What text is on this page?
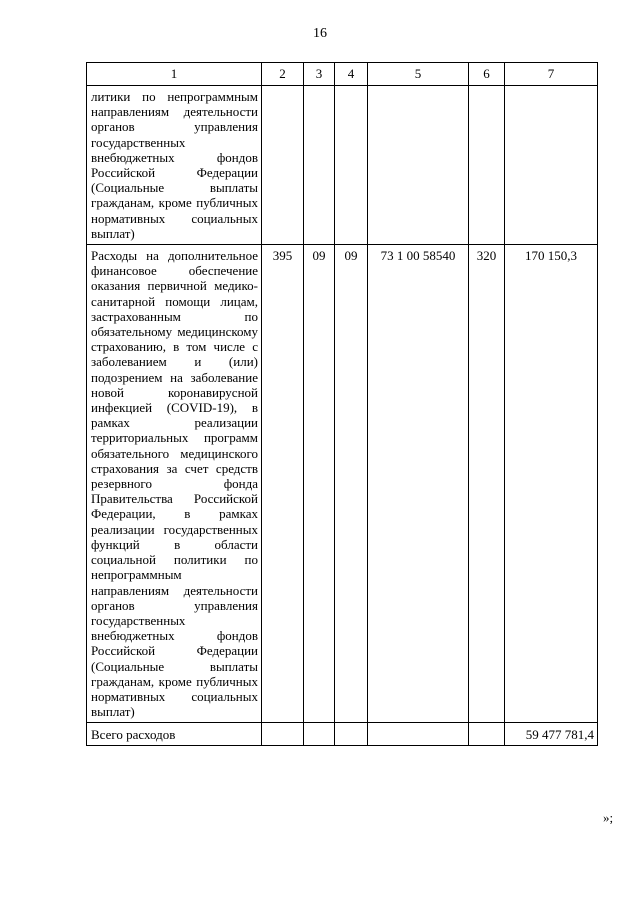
16
1	2	3	4	5	6	7
литики по непрограммным направлениям деятельности органов управления государственных внебюджетных фондов Российской Федерации (Социальные выплаты гражданам, кроме публичных нормативных социальных выплат)						
Расходы на дополнительное финансовое обеспечение оказания первичной медико-санитарной помощи лицам, застрахованным по обязательному медицинскому страхованию, в том числе с заболеванием и (или) подозрением на заболевание новой коронавирусной инфекцией (COVID-19), в рамках реализации территориальных программ обязательного медицинского страхования за счет средств резервного фонда Правительства Российской Федерации, в рамках реализации государственных функций в области социальной политики по непрограммным направлениям деятельности органов управления государственных внебюджетных фондов Российской Федерации (Социальные выплаты гражданам, кроме публичных нормативных социальных выплат)	395	09	09	73 1 00 58540	320	170 150,3
Всего расходов						59 477 781,4
»;
